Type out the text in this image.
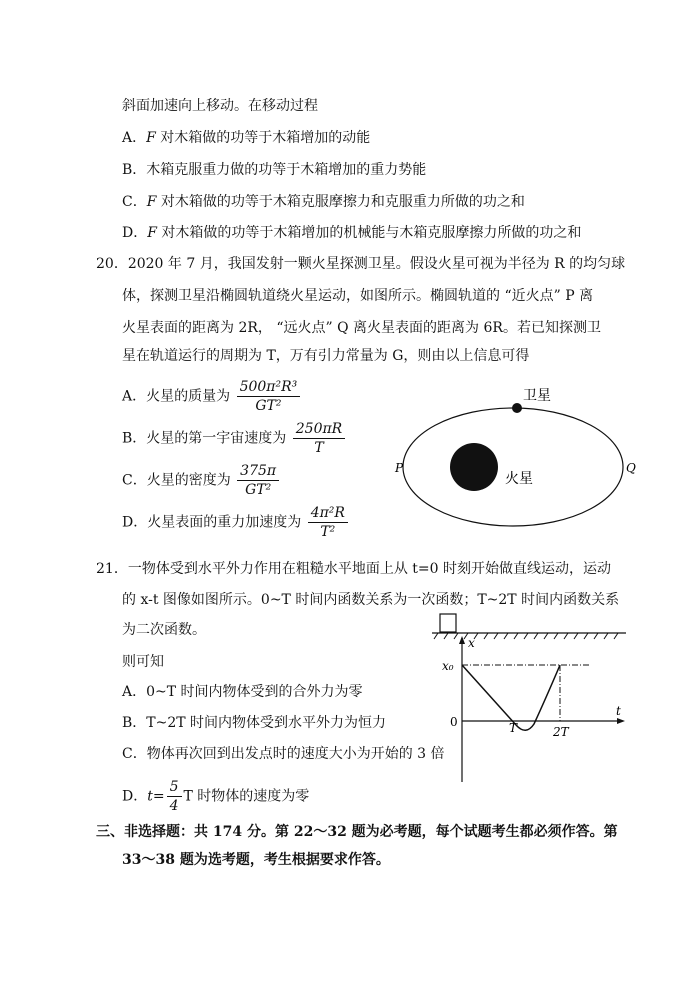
斜面加速向上移动。在移动过程
A．F 对木箱做的功等于木箱增加的动能
B．木箱克服重力做的功等于木箱增加的重力势能
C．F 对木箱做的功等于木箱克服摩擦力和克服重力所做的功之和
D．F 对木箱做的功等于木箱增加的机械能与木箱克服摩擦力所做的功之和
20．2020 年 7 月，我国发射一颗火星探测卫星。假设火星可视为半径为 R 的均匀球
体，探测卫星沿椭圆轨道绕火星运动，如图所示。椭圆轨道的 “近火点” P 离
火星表面的距离为 2R， “远火点” Q 离火星表面的距离为 6R。若已知探测卫
星在轨道运行的周期为 T，万有引力常量为 G，则由以上信息可得
A．火星的质量为 $\frac{\text{500π²R³}}{\text{GT²}}$
B．火星的第一宇宙速度为 $\frac{250\pi R}{T}$
C．火星的密度为 $\frac{375\pi}{\text{GT²}}$
D．火星表面的重力加速度为 $\frac{\text{4π²R}}{\text{T²}}$
卫星
火星
P	Q
21．一物体受到水平外力作用在粗糙水平地面上从 t=0 时刻开始做直线运动，运动
的 x-t 图像如图所示。0~T 时间内函数关系为一次函数；T~2T 时间内函数关系
为二次函数。
则可知
A．0~T 时间内物体受到的合外力为零
B．T~2T 时间内物体受到水平外力为恒力
C．物体再次回到出发点时的速度大小为开始的 3 倍
D．$t= \frac{5}{4}$ T 时物体的速度为零
x
t
x₀
0	T	2T
三、非选择题：共 174 分。第 22～32 题为必考题，每个试题考生都必须作答。第
33～38 题为选考题，考生根据要求作答。
